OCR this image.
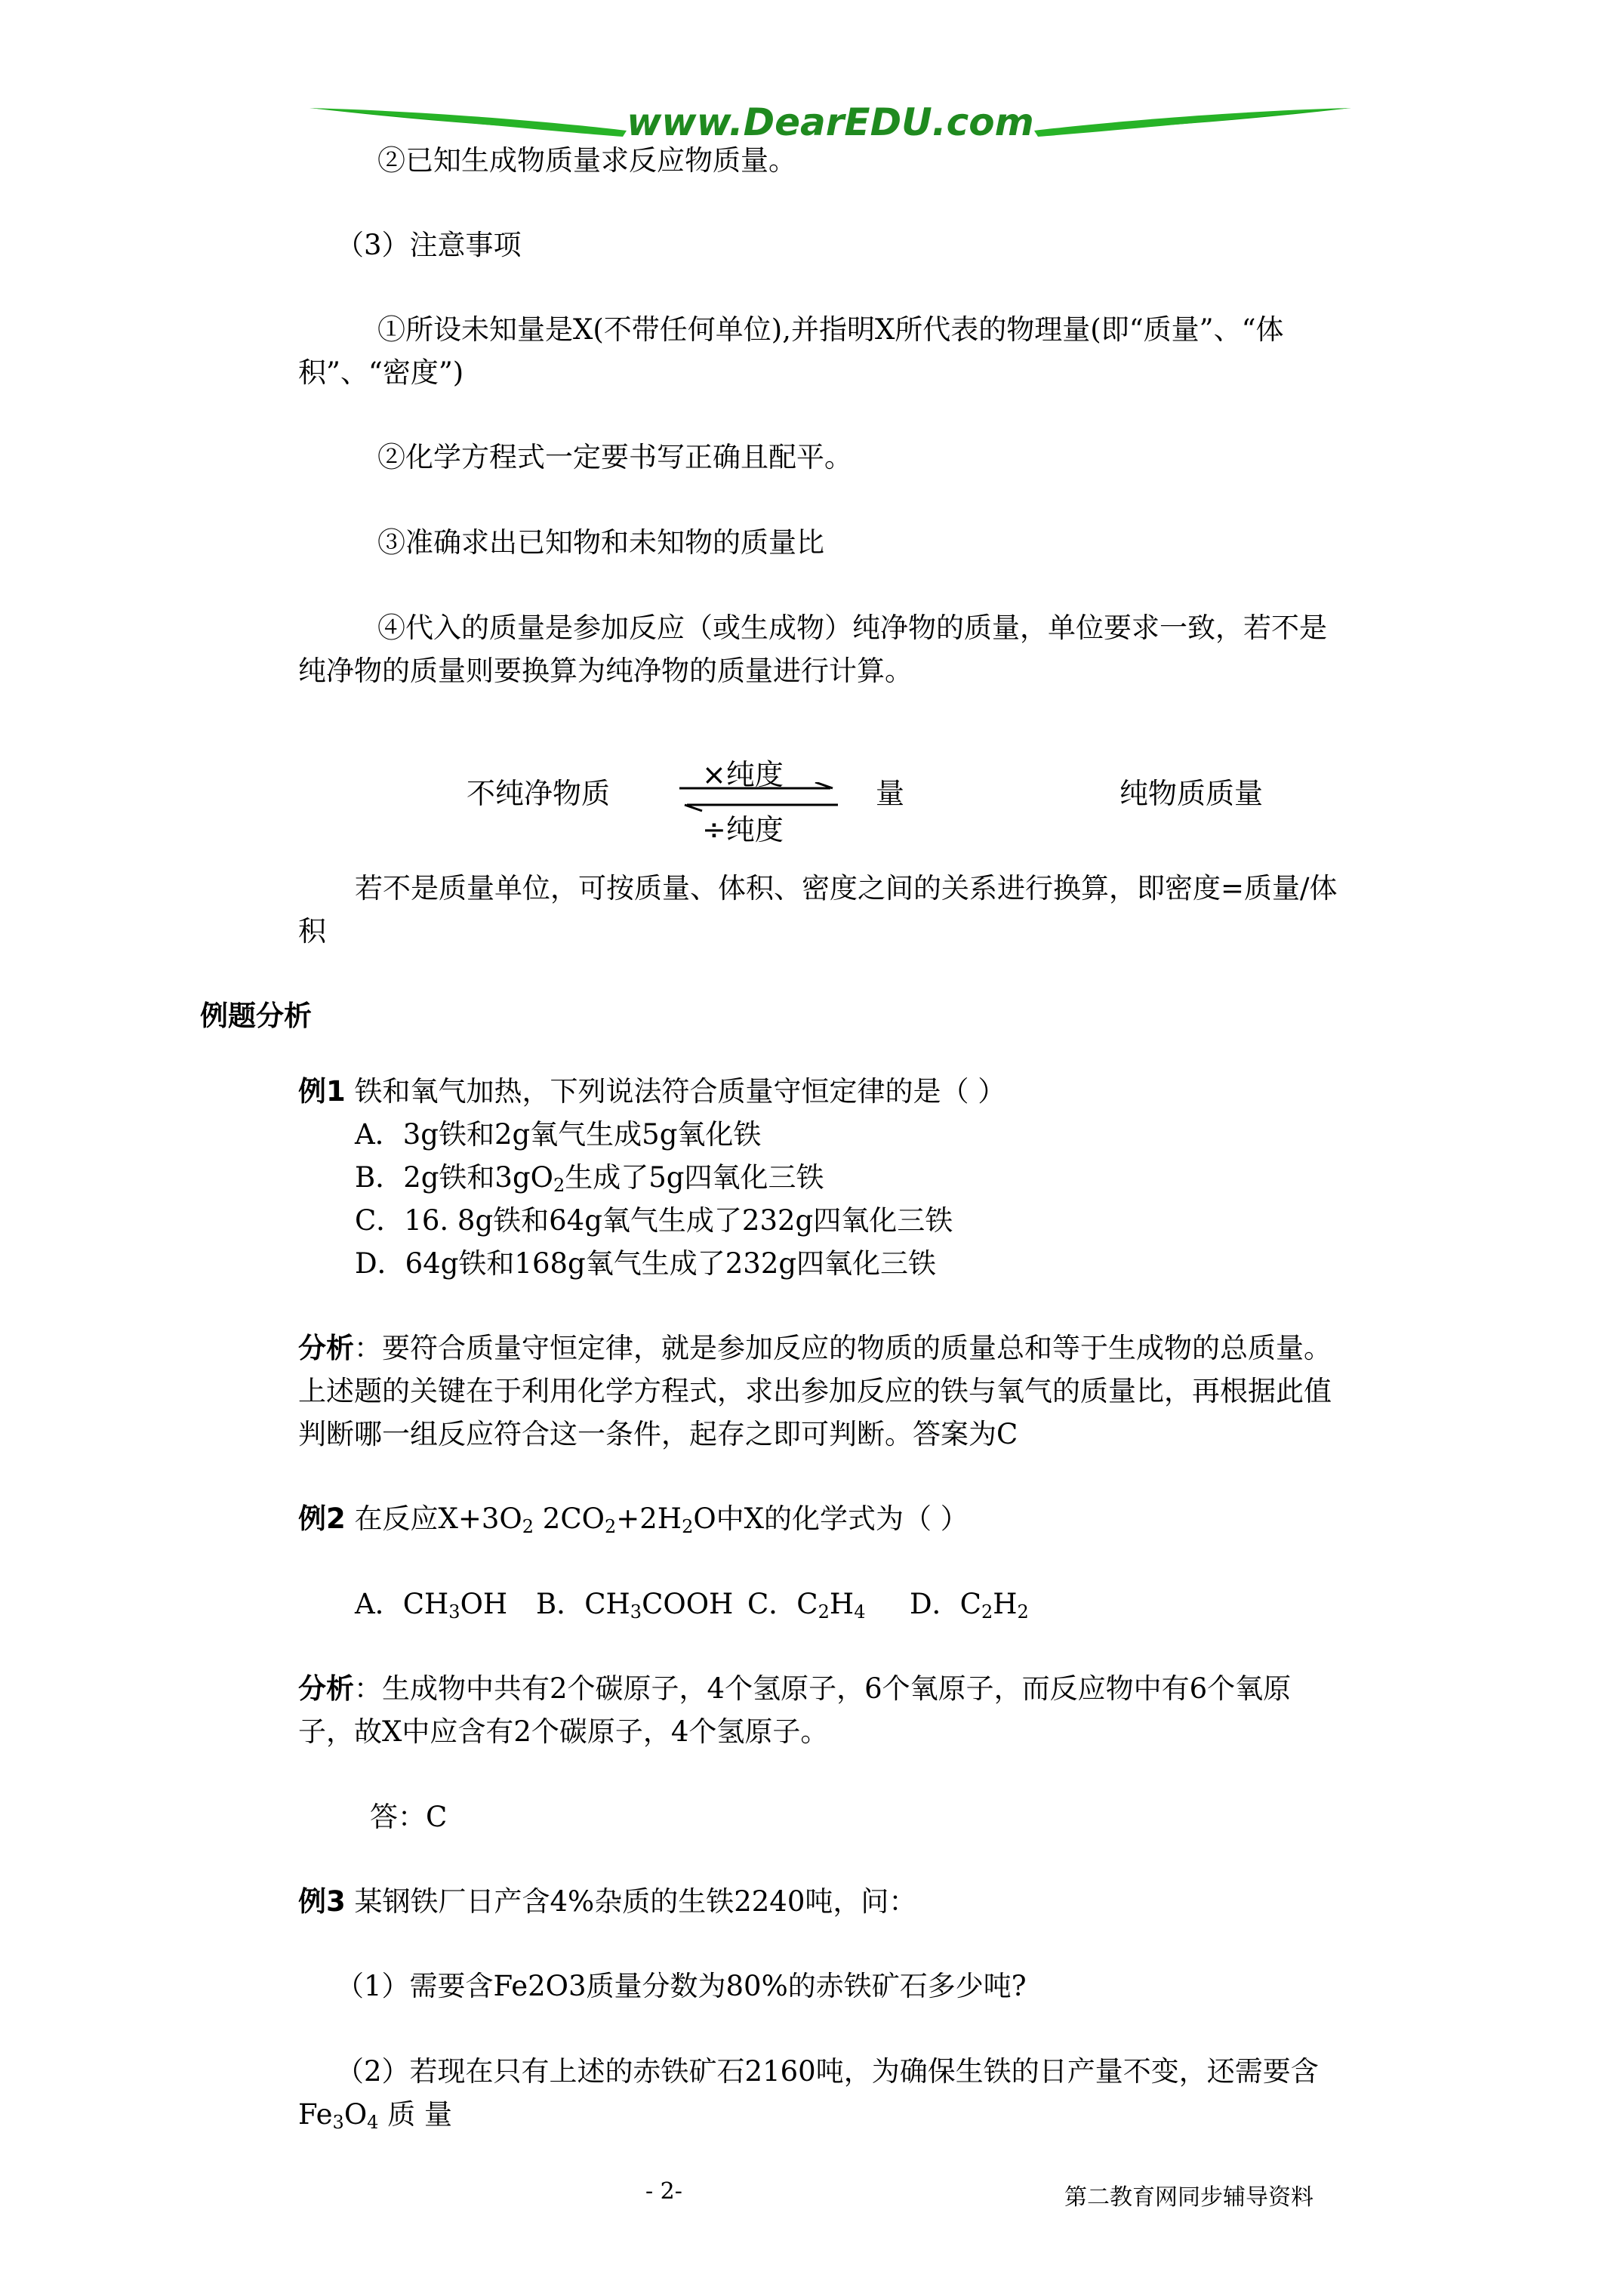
www.DearEDU.com
②已知生成物质量求反应物质量。
（3）注意事项
①所设未知量是X(不带任何单位),并指明X所代表的物理量(即“质量”、“体
积”、“密度”)
②化学方程式一定要书写正确且配平。
③准确求出已知物和未知物的质量比
④代入的质量是参加反应（或生成物）纯净物的质量，单位要求一致，若不是
纯净物的质量则要换算为纯净物的质量进行计算。
不纯净物质
×纯度
÷纯度
量	纯物质质量
若不是质量单位，可按质量、体积、密度之间的关系进行换算，即密度=质量/体
积
例题分析
例1 铁和氧气加热，下列说法符合质量守恒定律的是（ ）
A．3g铁和2g氧气生成5g氧化铁
B．2g铁和$3gO_2$生成了5g四氧化三铁
C．16. 8g铁和64g氧气生成了232g四氧化三铁
D．64g铁和168g氧气生成了232g四氧化三铁
分析：要符合质量守恒定律，就是参加反应的物质的质量总和等于生成物的总质量。
上述题的关键在于利用化学方程式，求出参加反应的铁与氧气的质量比，再根据此值
判断哪一组反应符合这一条件，起存之即可判断。答案为C
例2 在反应$X+3O_2$ $2CO_2+2H_2O$中X的化学式为（ ）
A．$CH_3OH$ B．$CH_3COOH$ C．$C_2H_4$ D．$C_2H_2$
分析：生成物中共有2个碳原子，4个氢原子，6个氧原子，而反应物中有6个氧原
子，故X中应含有2个碳原子，4个氢原子。
答：C
例3 某钢铁厂日产含4%杂质的生铁2240吨，问：
（1）需要含Fe2O3质量分数为80%的赤铁矿石多少吨?
（2）若现在只有上述的赤铁矿石2160吨，为确保生铁的日产量不变，还需要含
$Fe_3O_4$ 质 量
- 2-	第二教育网同步辅导资料
